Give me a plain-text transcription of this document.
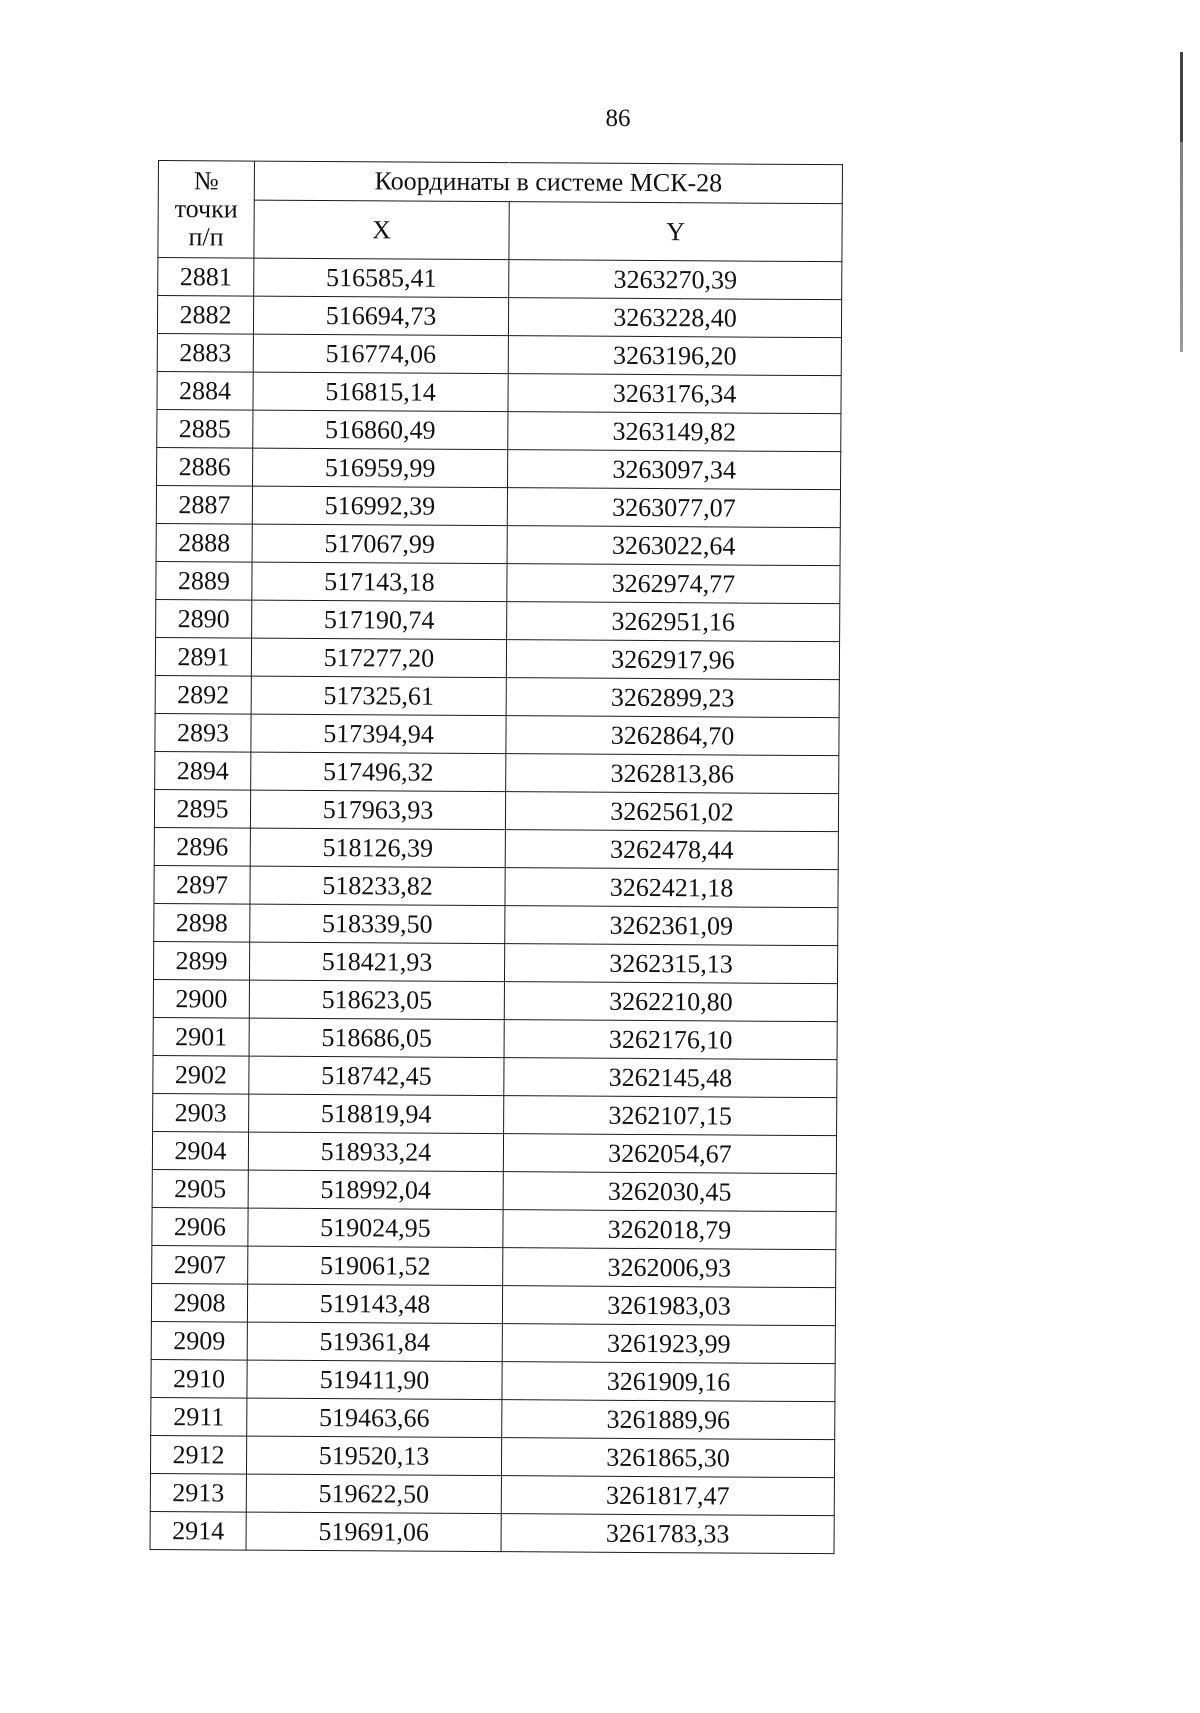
86
№
точки
п/п	Координаты в системе МСК-28	
	X	Y
2881	516585,41	3263270,39
2882	516694,73	3263228,40
2883	516774,06	3263196,20
2884	516815,14	3263176,34
2885	516860,49	3263149,82
2886	516959,99	3263097,34
2887	516992,39	3263077,07
2888	517067,99	3263022,64
2889	517143,18	3262974,77
2890	517190,74	3262951,16
2891	517277,20	3262917,96
2892	517325,61	3262899,23
2893	517394,94	3262864,70
2894	517496,32	3262813,86
2895	517963,93	3262561,02
2896	518126,39	3262478,44
2897	518233,82	3262421,18
2898	518339,50	3262361,09
2899	518421,93	3262315,13
2900	518623,05	3262210,80
2901	518686,05	3262176,10
2902	518742,45	3262145,48
2903	518819,94	3262107,15
2904	518933,24	3262054,67
2905	518992,04	3262030,45
2906	519024,95	3262018,79
2907	519061,52	3262006,93
2908	519143,48	3261983,03
2909	519361,84	3261923,99
2910	519411,90	3261909,16
2911	519463,66	3261889,96
2912	519520,13	3261865,30
2913	519622,50	3261817,47
2914	519691,06	3261783,33
